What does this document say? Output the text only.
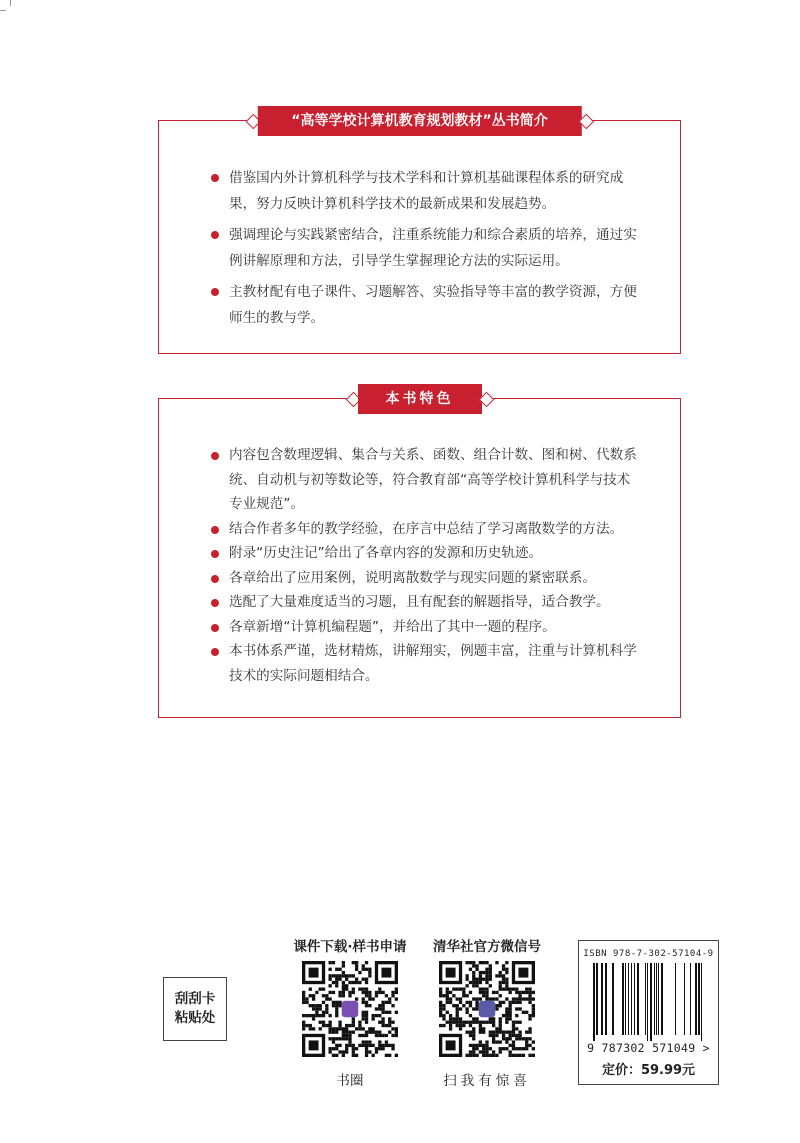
“高等学校计算机教育规划教材”丛书简介
借鉴国内外计算机科学与技术学科和计算机基础课程体系的研究成果，努力反映计算机科学技术的最新成果和发展趋势。
强调理论与实践紧密结合，注重系统能力和综合素质的培养，通过实例讲解原理和方法，引导学生掌握理论方法的实际运用。
主教材配有电子课件、习题解答、实验指导等丰富的教学资源，方便师生的教与学。
本书特色
内容包含数理逻辑、集合与关系、函数、组合计数、图和树、代数系统、自动机与初等数论等，符合教育部“高等学校计算机科学与技术专业规范”。
结合作者多年的教学经验，在序言中总结了学习离散数学的方法。
附录“历史注记”给出了各章内容的发源和历史轨迹。
各章给出了应用案例，说明离散数学与现实问题的紧密联系。
选配了大量难度适当的习题，且有配套的解题指导，适合教学。
各章新增“计算机编程题”，并给出了其中一题的程序。
本书体系严谨，选材精炼，讲解翔实，例题丰富，注重与计算机科学技术的实际问题相结合。
刮刮卡
粘贴处
课件下载·样书申请
书圈
清华社官方微信号
扫我有惊喜
ISBN 978-7-302-57104-9
9 787302 571049 >
定价：59.99元
